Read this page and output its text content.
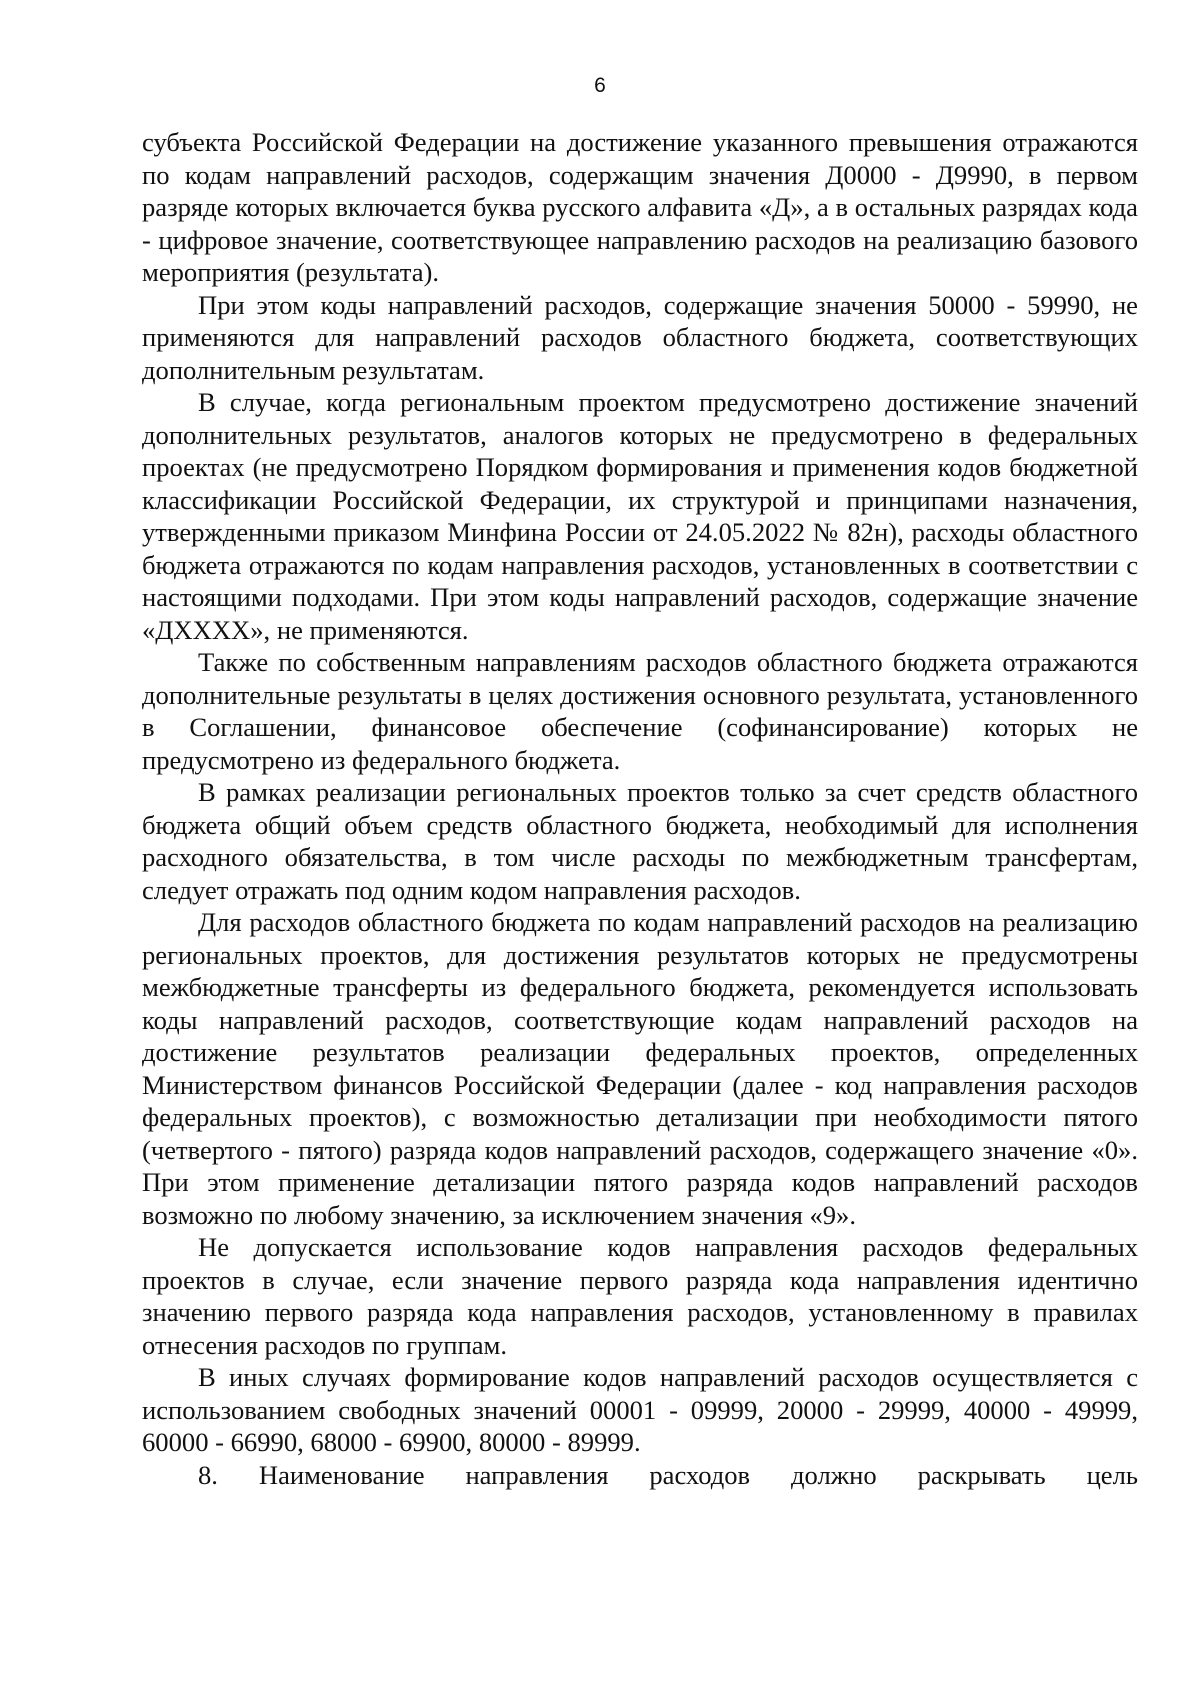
6

субъекта Российской Федерации на достижение указанного превышения отражаются по кодам направлений расходов, содержащим значения Д0000 - Д9990, в первом разряде которых включается буква русского алфавита «Д», а в остальных разрядах кода - цифровое значение, соответствующее направлению расходов на реализацию базового мероприятия (результата).

При этом коды направлений расходов, содержащие значения 50000 - 59990, не применяются для направлений расходов областного бюджета, соответствующих дополнительным результатам.

В случае, когда региональным проектом предусмотрено достижение значений дополнительных результатов, аналогов которых не предусмотрено в федеральных проектах (не предусмотрено Порядком формирования и применения кодов бюджетной классификации Российской Федерации, их структурой и принципами назначения, утвержденными приказом Минфина России от 24.05.2022 № 82н), расходы областного бюджета отражаются по кодам направления расходов, установленных в соответствии с настоящими подходами. При этом коды направлений расходов, содержащие значение «ДХХХХ», не применяются.

Также по собственным направлениям расходов областного бюджета отражаются дополнительные результаты в целях достижения основного результата, установленного в Соглашении, финансовое обеспечение (софинансирование) которых не предусмотрено из федерального бюджета.

В рамках реализации региональных проектов только за счет средств областного бюджета общий объем средств областного бюджета, необходимый для исполнения расходного обязательства, в том числе расходы по межбюджетным трансфертам, следует отражать под одним кодом направления расходов.

Для расходов областного бюджета по кодам направлений расходов на реализацию региональных проектов, для достижения результатов которых не предусмотрены межбюджетные трансферты из федерального бюджета, рекомендуется использовать коды направлений расходов, соответствующие кодам направлений расходов на достижение результатов реализации федеральных проектов, определенных Министерством финансов Российской Федерации (далее - код направления расходов федеральных проектов), с возможностью детализации при необходимости пятого (четвертого - пятого) разряда кодов направлений расходов, содержащего значение «0». При этом применение детализации пятого разряда кодов направлений расходов возможно по любому значению, за исключением значения «9».

Не допускается использование кодов направления расходов федеральных проектов в случае, если значение первого разряда кода направления идентично значению первого разряда кода направления расходов, установленному в правилах отнесения расходов по группам.

В иных случаях формирование кодов направлений расходов осуществляется с использованием свободных значений 00001 - 09999, 20000 - 29999, 40000 - 49999, 60000 - 66990, 68000 - 69900, 80000 - 89999.

8. Наименование направления расходов должно раскрывать цель
